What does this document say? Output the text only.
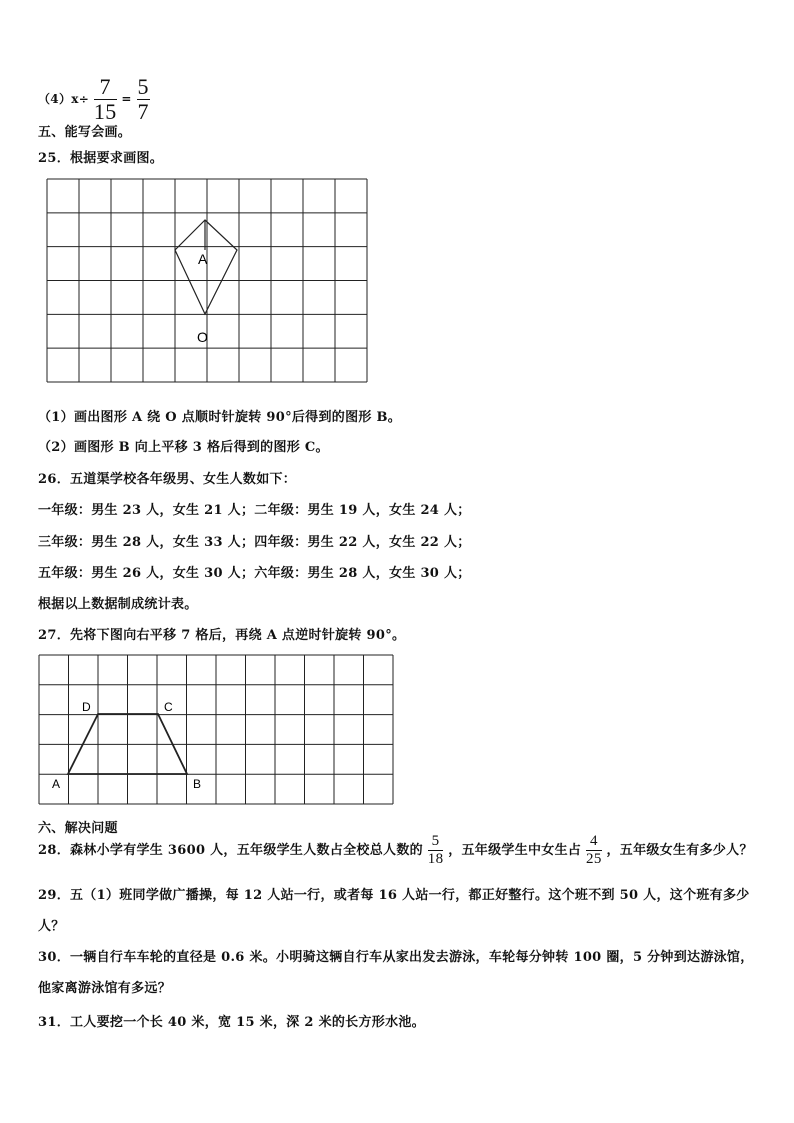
$(4)x\div \frac{7}{15} = \frac{5}{7}$
五、能写会画。
25．根据要求画图。
A
O
（1）画出图形 A 绕 O 点顺时针旋转 90°后得到的图形 B。
（2）画图形 B 向上平移 3 格后得到的图形 C。
26．五道渠学校各年级男、女生人数如下：
一年级：男生 23 人，女生 21 人；二年级：男生 19 人，女生 24 人；
三年级：男生 28 人，女生 33 人；四年级：男生 22 人，女生 22 人；
五年级：男生 26 人，女生 30 人；六年级：男生 28 人，女生 30 人；
根据以上数据制成统计表。
27．先将下图向右平移 7 格后，再绕 A 点逆时针旋转 90°。
D	C
A	B
六、解决问题
28．森林小学有学生 3600 人，五年级学生人数占全校总人数的 $\frac{5}{18}$ ，五年级学生中女生占 $\frac{4}{25}$ ，五年级女生有多少人？
29．五（1）班同学做广播操，每 12 人站一行，或者每 16 人站一行，都正好整行。这个班不到 50 人，这个班有多少
人？
30．一辆自行车车轮的直径是 0.6 米。小明骑这辆自行车从家出发去游泳，车轮每分钟转 100 圈，5 分钟到达游泳馆，
他家离游泳馆有多远？
31．工人要挖一个长 40 米，宽 15 米，深 2 米的长方形水池。
